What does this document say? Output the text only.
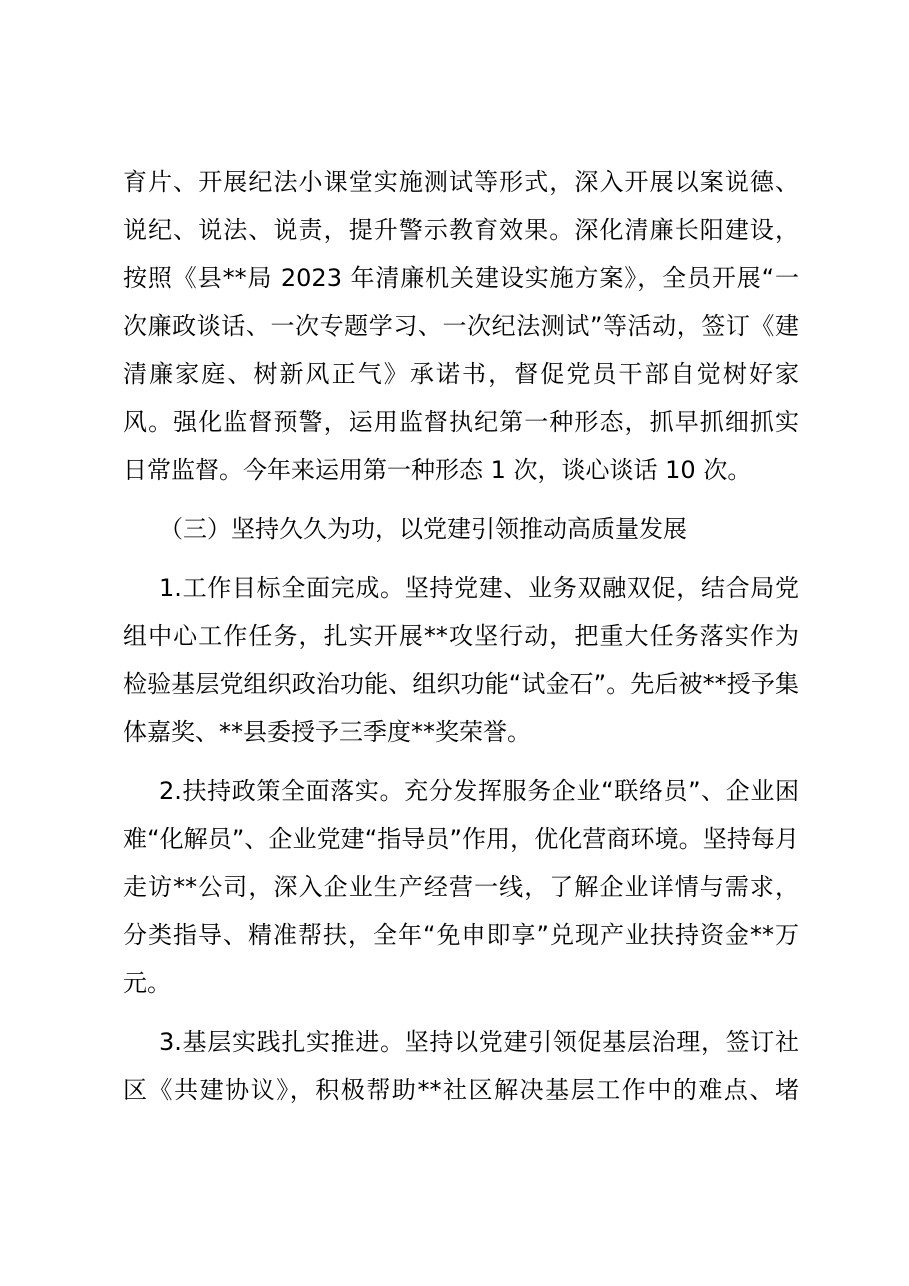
育片、开展纪法小课堂实施测试等形式，深入开展以案说德、
说纪、说法、说责，提升警示教育效果。深化清廉长阳建设，
按照《县**局 2023 年清廉机关建设实施方案》，全员开展“一
次廉政谈话、一次专题学习、一次纪法测试”等活动，签订《建
清廉家庭、树新风正气》承诺书，督促党员干部自觉树好家
风。强化监督预警，运用监督执纪第一种形态，抓早抓细抓实
日常监督。今年来运用第一种形态 1 次，谈心谈话 10 次。
（三）坚持久久为功，以党建引领推动高质量发展
1.工作目标全面完成。坚持党建、业务双融双促，结合局党
组中心工作任务，扎实开展**攻坚行动，把重大任务落实作为
检验基层党组织政治功能、组织功能“试金石”。先后被**授予集
体嘉奖、**县委授予三季度**奖荣誉。
2.扶持政策全面落实。充分发挥服务企业“联络员”、企业困
难“化解员”、企业党建“指导员”作用，优化营商环境。坚持每月
走访**公司，深入企业生产经营一线，了解企业详情与需求，
分类指导、精准帮扶，全年“免申即享”兑现产业扶持资金**万
元。
3.基层实践扎实推进。坚持以党建引领促基层治理，签订社
区《共建协议》，积极帮助**社区解决基层工作中的难点、堵
